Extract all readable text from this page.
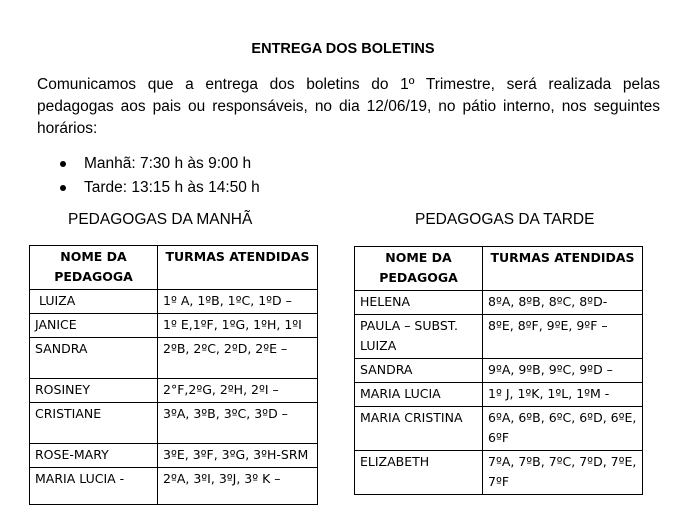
ENTREGA DOS BOLETINS
Comunicamos que a entrega dos boletins do 1º Trimestre, será realizada pelas pedagogas aos pais ou responsáveis, no dia 12/06/19, no pátio interno, nos seguintes horários:
Manhã: 7:30 h às 9:00 h
Tarde: 13:15 h às 14:50 h
PEDAGOGAS DA MANHÃ	PEDAGOGAS DA TARDE
NOME DA PEDAGOGA	TURMAS ATENDIDAS
LUIZA	1º A, 1ºB, 1ºC, 1ºD –
JANICE	1º E,1ºF, 1ºG, 1ºH, 1ºI
SANDRA	2ºB, 2ºC, 2ºD, 2ºE –
ROSINEY	2°F,2ºG, 2ºH, 2ºI –
CRISTIANE	3ºA, 3ºB, 3ºC, 3ºD –
ROSE-MARY	3ºE, 3ºF, 3ºG, 3ºH-SRM
MARIA LUCIA -	2ºA, 3ºI, 3ºJ, 3º K –
NOME DA PEDAGOGA	TURMAS ATENDIDAS
HELENA	8ºA, 8ºB, 8ºC, 8ºD-
PAULA – SUBST. LUIZA	8ºE, 8ºF, 9ºE, 9ºF –
SANDRA	9ºA, 9ºB, 9ºC, 9ºD –
MARIA LUCIA	1º J, 1ºK, 1ºL, 1ºM -
MARIA CRISTINA	6ºA, 6ºB, 6ºC, 6ºD, 6ºE, 6ºF
ELIZABETH	7ºA, 7ºB, 7ºC, 7ºD, 7ºE, 7ºF
